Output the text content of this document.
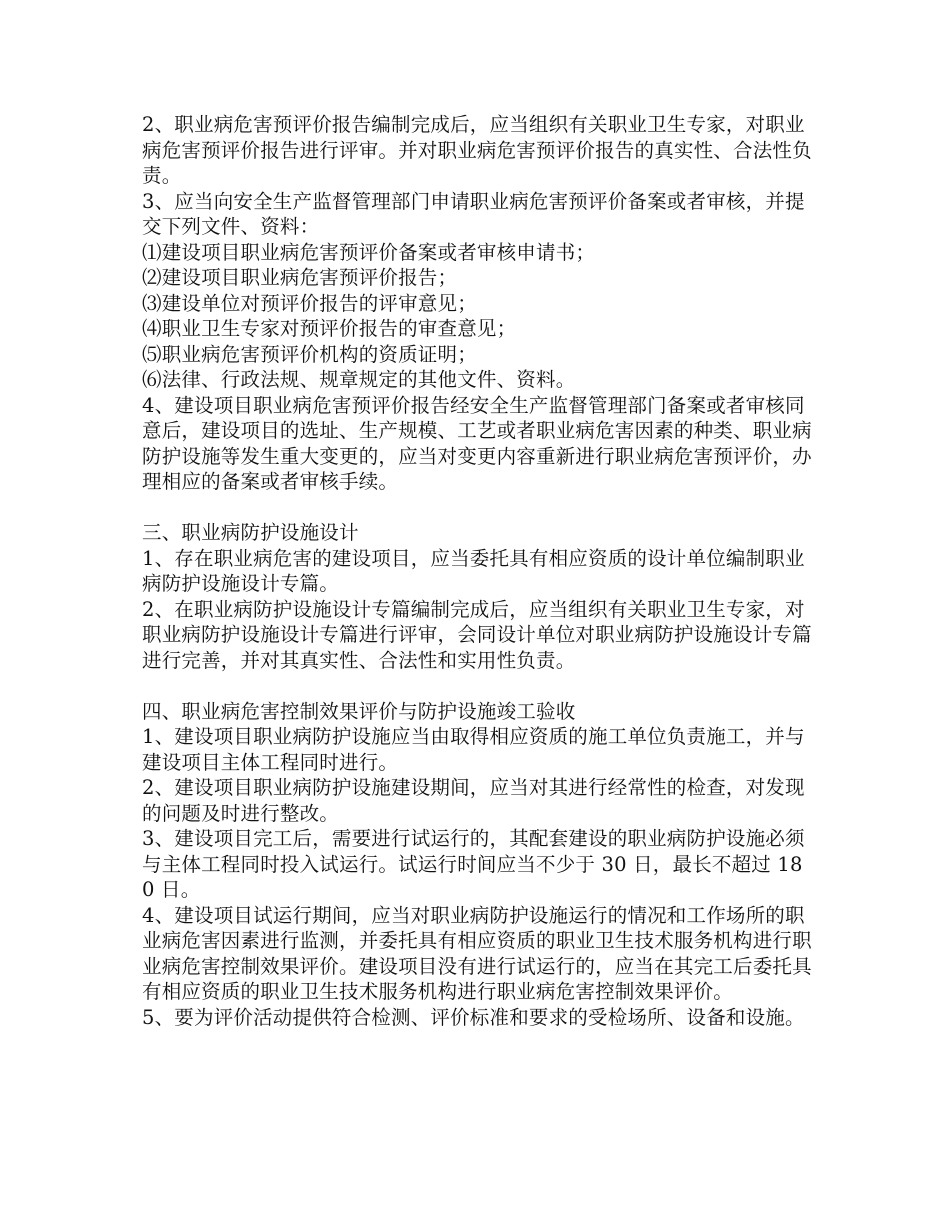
2、职业病危害预评价报告编制完成后，应当组织有关职业卫生专家，对职业病危害预评价报告进行评审。并对职业病危害预评价报告的真实性、合法性负责。

3、应当向安全生产监督管理部门申请职业病危害预评价备案或者审核，并提交下列文件、资料：

⑴建设项目职业病危害预评价备案或者审核申请书；

⑵建设项目职业病危害预评价报告；

⑶建设单位对预评价报告的评审意见；

⑷职业卫生专家对预评价报告的审查意见；

⑸职业病危害预评价机构的资质证明；

⑹法律、行政法规、规章规定的其他文件、资料。

4、建设项目职业病危害预评价报告经安全生产监督管理部门备案或者审核同意后，建设项目的选址、生产规模、工艺或者职业病危害因素的种类、职业病防护设施等发生重大变更的，应当对变更内容重新进行职业病危害预评价，办理相应的备案或者审核手续。

三、职业病防护设施设计

1、存在职业病危害的建设项目，应当委托具有相应资质的设计单位编制职业病防护设施设计专篇。

2、在职业病防护设施设计专篇编制完成后，应当组织有关职业卫生专家，对职业病防护设施设计专篇进行评审，会同设计单位对职业病防护设施设计专篇进行完善，并对其真实性、合法性和实用性负责。

四、职业病危害控制效果评价与防护设施竣工验收

1、建设项目职业病防护设施应当由取得相应资质的施工单位负责施工，并与建设项目主体工程同时进行。

2、建设项目职业病防护设施建设期间，应当对其进行经常性的检查，对发现的问题及时进行整改。

3、建设项目完工后，需要进行试运行的，其配套建设的职业病防护设施必须与主体工程同时投入试运行。试运行时间应当不少于 30 日，最长不超过 180 日。

4、建设项目试运行期间，应当对职业病防护设施运行的情况和工作场所的职业病危害因素进行监测，并委托具有相应资质的职业卫生技术服务机构进行职业病危害控制效果评价。建设项目没有进行试运行的，应当在其完工后委托具有相应资质的职业卫生技术服务机构进行职业病危害控制效果评价。

5、要为评价活动提供符合检测、评价标准和要求的受检场所、设备和设施。
